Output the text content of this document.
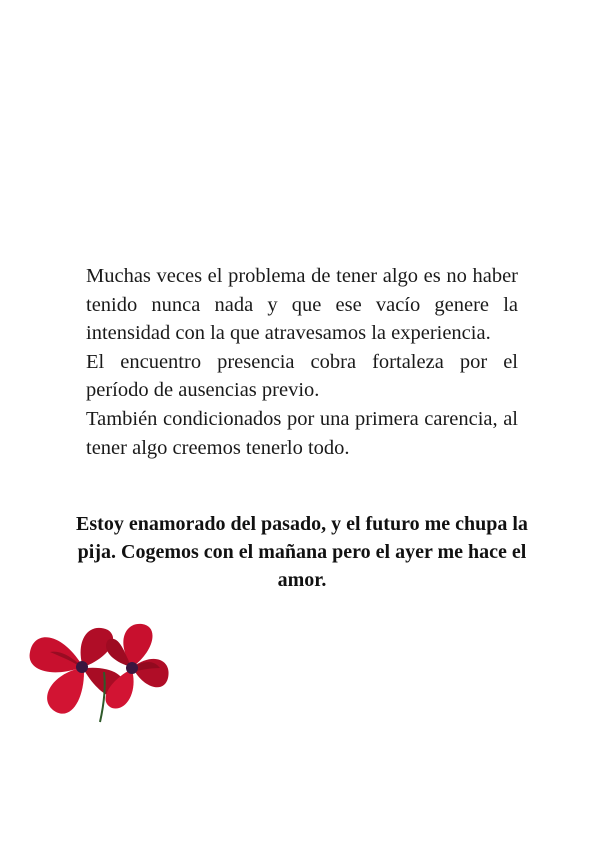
Muchas veces el problema de tener algo es no haber tenido nunca nada y que ese vacío genere la intensidad con la que atravesamos la experiencia.

El encuentro presencia cobra fortaleza por el período de ausencias previo.

También condicionados por una primera carencia, al tener algo creemos tenerlo todo.

Estoy enamorado del pasado, y el futuro me chupa la pija. Cogemos con el mañana pero el ayer me hace el amor.
